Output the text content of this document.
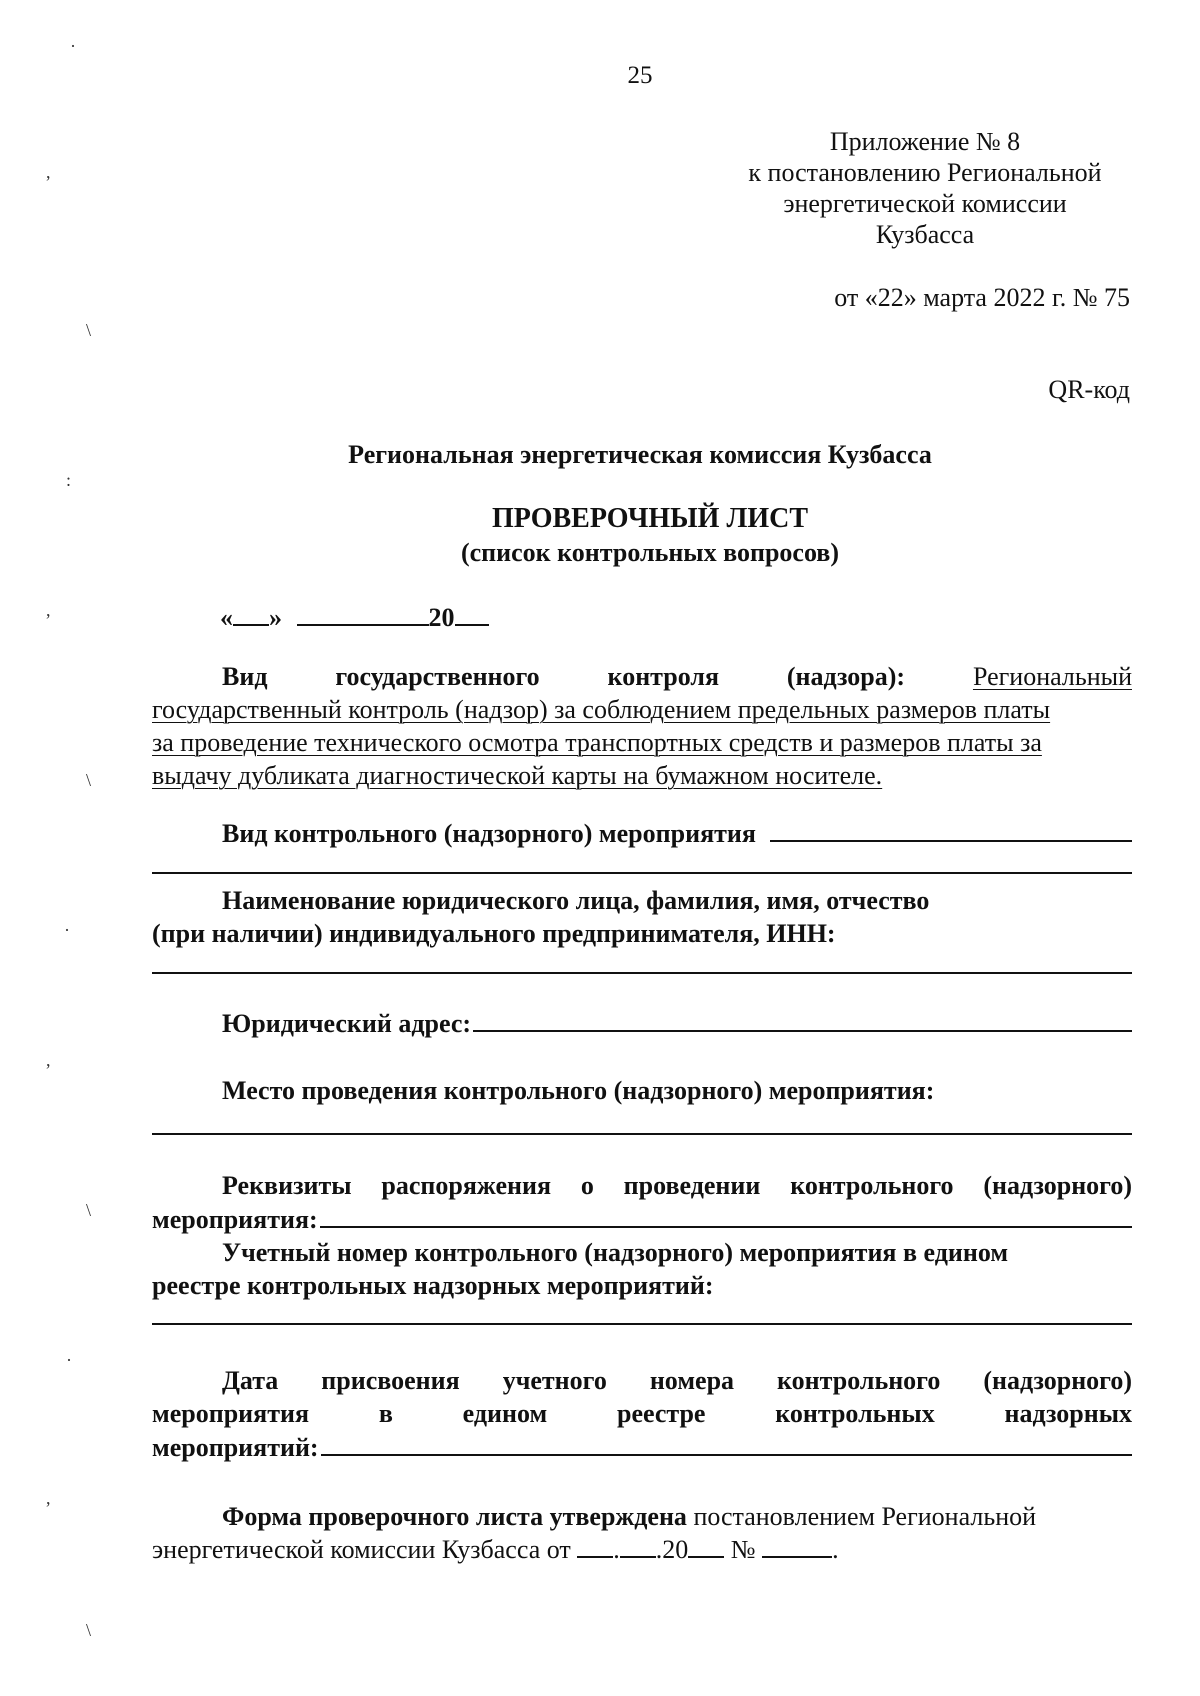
25
Приложение № 8
к постановлению Региональной
энергетической комиссии
Кузбасса
от «22» марта 2022 г. № 75
QR-код
Региональная энергетическая комиссия Кузбасса
ПРОВЕРОЧНЫЙ ЛИСТ
(список контрольных вопросов)
« »	20
Вид государственного контроля (надзора):	Региональный
государственный контроль (надзор) за соблюдением предельных размеров платы
за проведение технического осмотра транспортных средств и размеров платы за
выдачу дубликата диагностической карты на бумажном носителе.
Вид контрольного (надзорного) мероприятия
Наименование юридического лица, фамилия, имя, отчество
(при наличии) индивидуального предпринимателя, ИНН:
Юридический адрес:
Место проведения контрольного (надзорного) мероприятия:
Реквизиты распоряжения о проведении контрольного (надзорного)
мероприятия:
Учетный номер контрольного (надзорного) мероприятия в едином
реестре контрольных надзорных мероприятий:
Дата присвоения учетного номера контрольного (надзорного)
мероприятия в едином реестре контрольных надзорных
мероприятий:
Форма проверочного листа утверждена постановлением Региональной
энергетической комиссии Кузбасса от . .20 №	.
·
,
\
:
,
\
·
,
\
·
,
\
